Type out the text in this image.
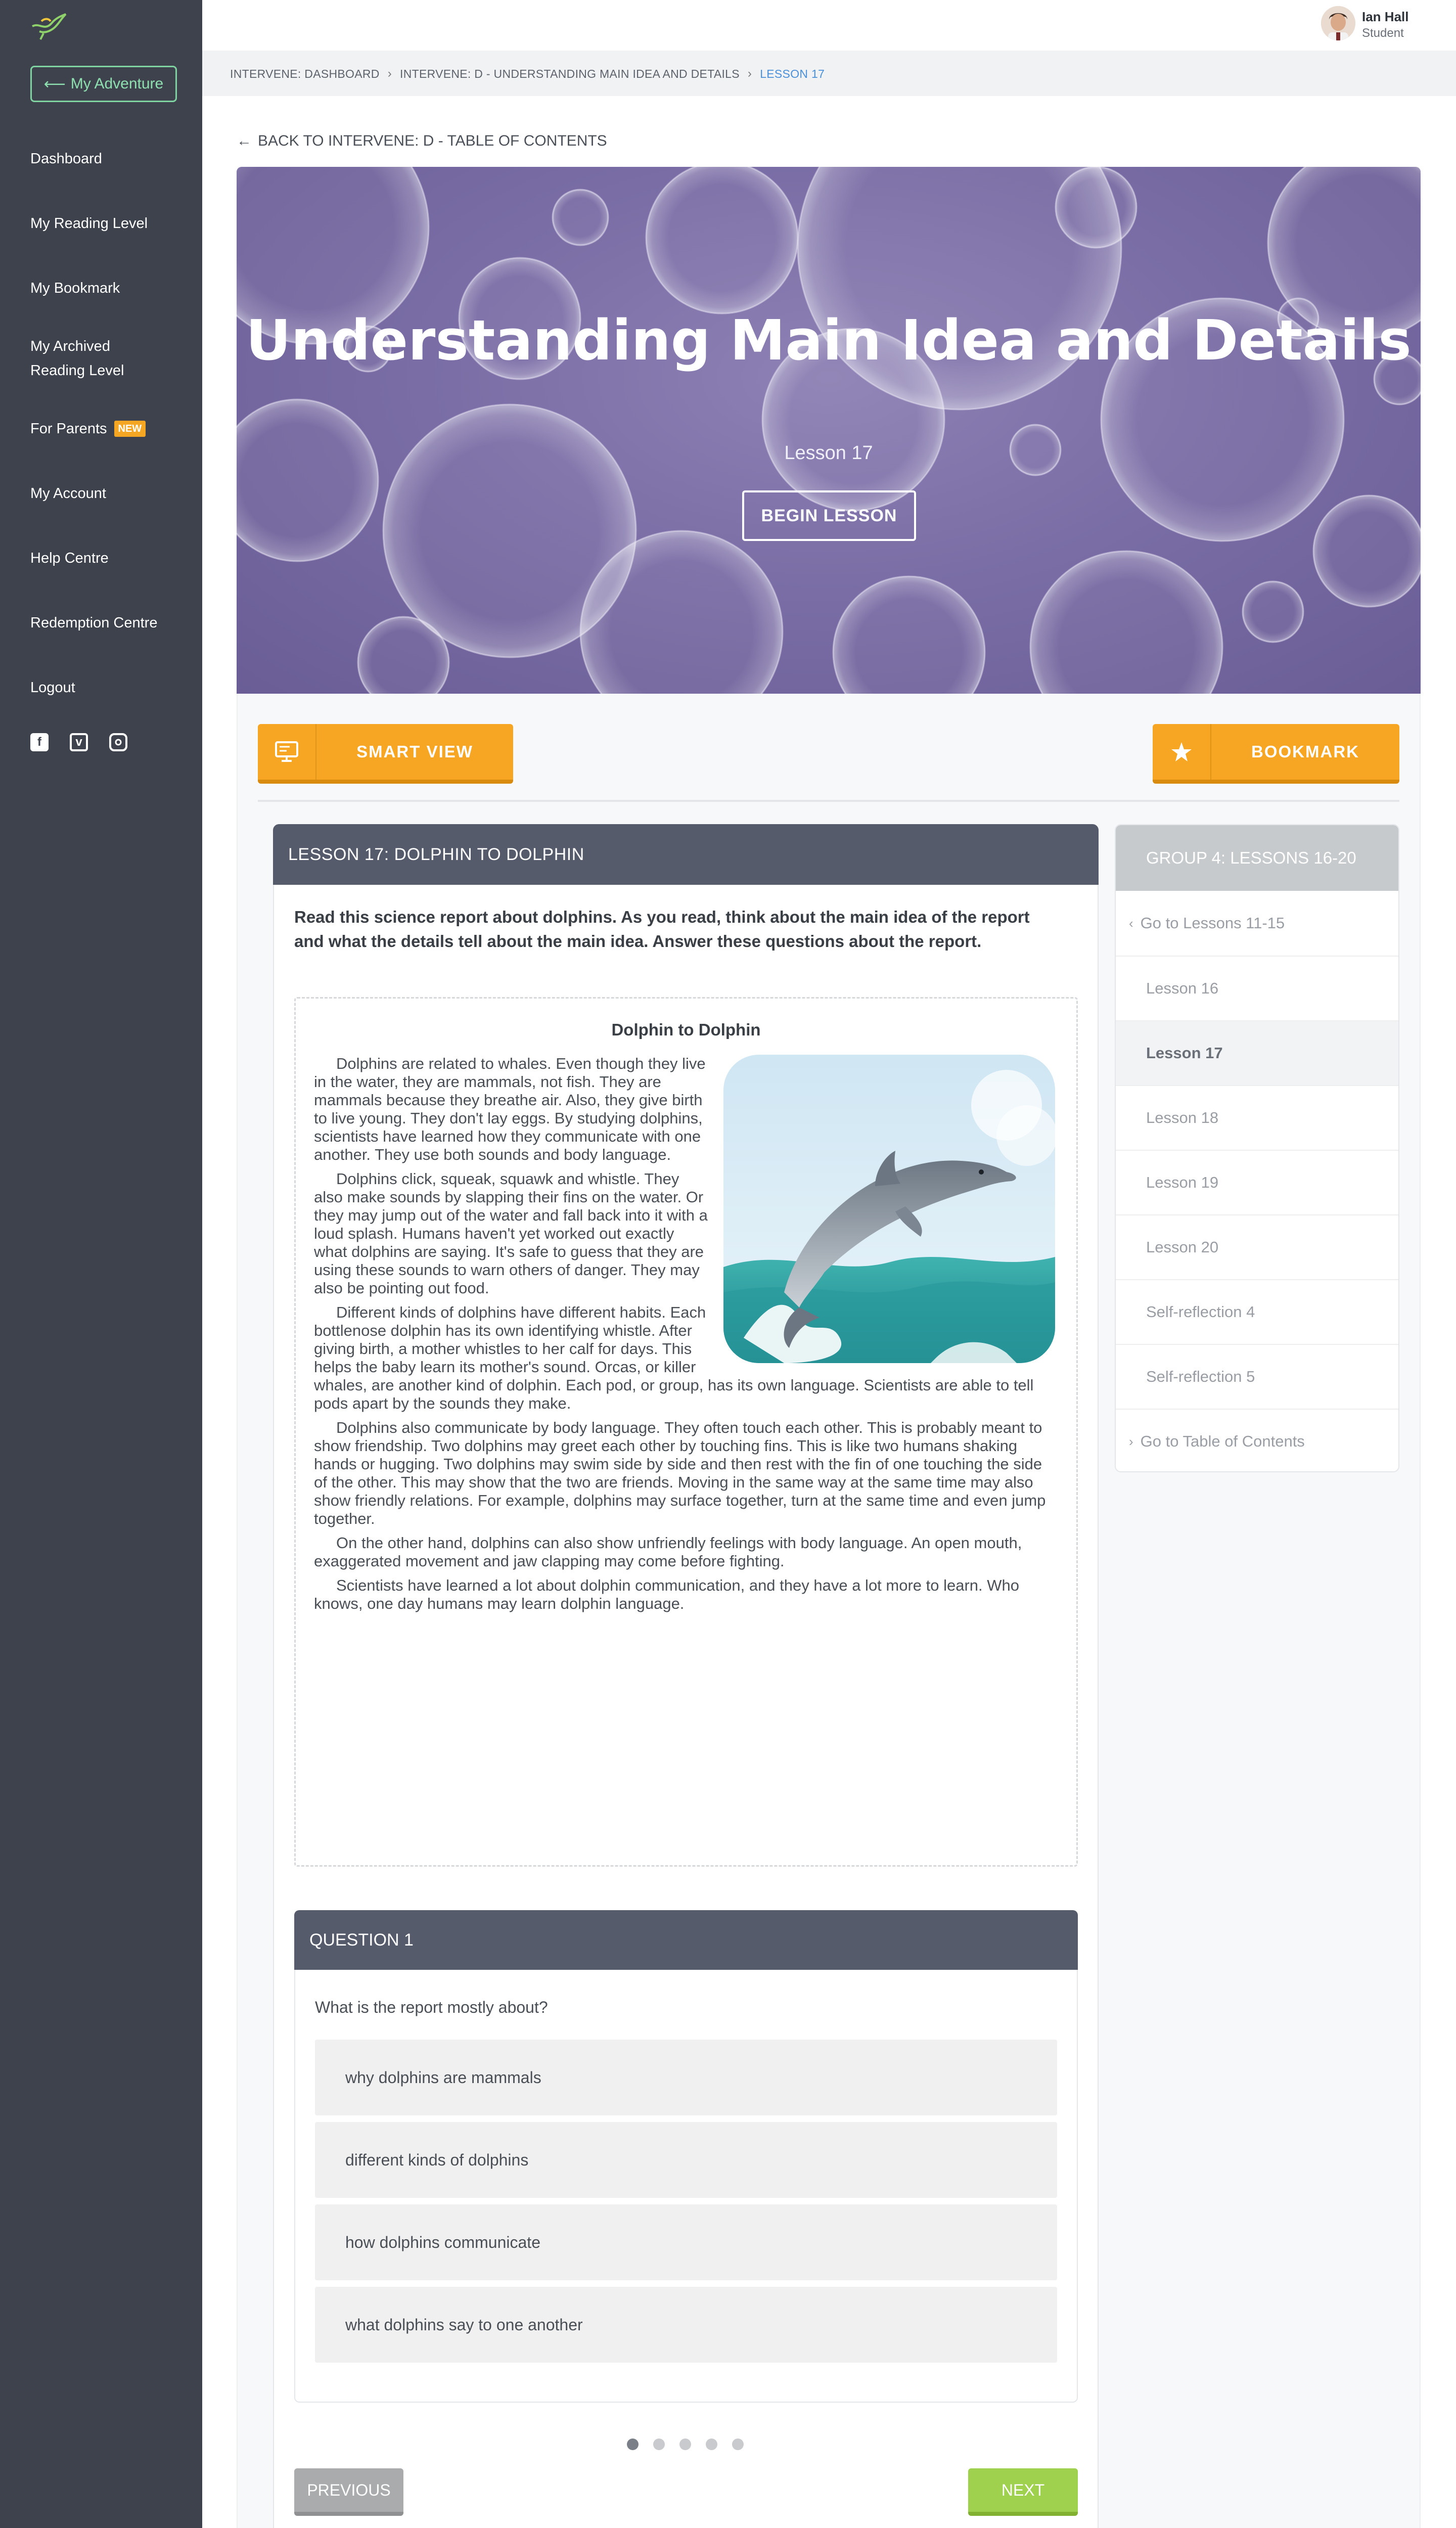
⟵ My Adventure
Dashboard
My Reading Level
My Bookmark
My Archived Reading Level
For Parents	NEW
My Account
Help Centre
Redemption Centre
Logout
f	v
Ian Hall
Student
INTERVENE: DASHBOARD › INTERVENE: D - UNDERSTANDING MAIN IDEA AND DETAILS › LESSON 17
← BACK TO INTERVENE: D - TABLE OF CONTENTS
Understanding Main Idea and Details
Lesson 17
BEGIN LESSON
SMART VIEW	BOOKMARK
LESSON 17: DOLPHIN TO DOLPHIN
Read this science report about dolphins. As you read, think about the main idea of the report and what the details tell about the main idea. Answer these questions about the report.
Dolphin to Dolphin

Dolphins are related to whales. Even though they live in the water, they are mammals, not fish. They are mammals because they breathe air. Also, they give birth to live young. They don't lay eggs. By studying dolphins, scientists have learned how they communicate with one another. They use both sounds and body language.

Dolphins click, squeak, squawk and whistle. They also make sounds by slapping their fins on the water. Or they may jump out of the water and fall back into it with a loud splash. Humans haven't yet worked out exactly what dolphins are saying. It's safe to guess that they are using these sounds to warn others of danger. They may also be pointing out food.

Different kinds of dolphins have different habits. Each bottlenose dolphin has its own identifying whistle. After giving birth, a mother whistles to her calf for days. This helps the baby learn its mother's sound. Orcas, or killer whales, are another kind of dolphin. Each pod, or group, has its own language. Scientists are able to tell pods apart by the sounds they make.

Dolphins also communicate by body language. They often touch each other. This is probably meant to show friendship. Two dolphins may greet each other by touching fins. This is like two humans shaking hands or hugging. Two dolphins may swim side by side and then rest with the fin of one touching the side of the other. This may show that the two are friends. Moving in the same way at the same time may also show friendly relations. For example, dolphins may surface together, turn at the same time and even jump together.

On the other hand, dolphins can also show unfriendly feelings with body language. An open mouth, exaggerated movement and jaw clapping may come before fighting.

Scientists have learned a lot about dolphin communication, and they have a lot more to learn. Who knows, one day humans may learn dolphin language.

QUESTION 1
What is the report mostly about?
why dolphins are mammals
different kinds of dolphins
how dolphins communicate
what dolphins say to one another
PREVIOUS	NEXT
GROUP 4: LESSONS 16-20
‹ Go to Lessons 11-15
Lesson 16
Lesson 17
Lesson 18
Lesson 19
Lesson 20
Self-reflection 4
Self-reflection 5
› Go to Table of Contents
